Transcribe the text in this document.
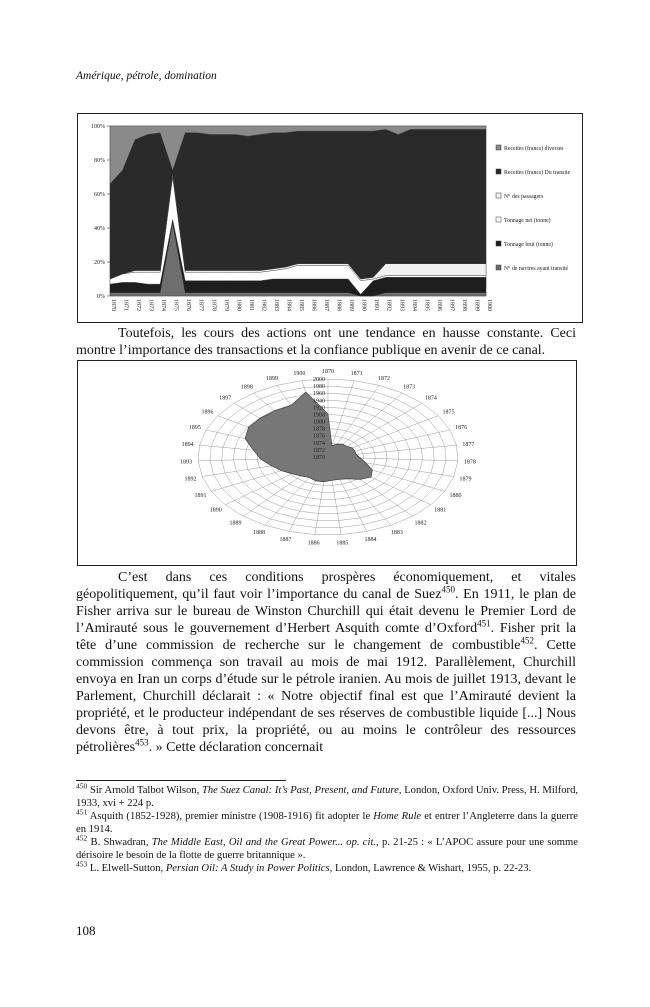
Amérique, pétrole, domination
0%
20%
40%
60%
80%
100%
1870 1871 1872 1873 1874 1875 1876 1877 1878 1879 1880 1881 1882 1883 1884 1885 1886 1887 1888 1889 1890 1891 1892 1893 1894 1895 1896 1897 1898 1899 1900
Recettes (francs) diverses
Recettes (francs) Du transite
N° des passagers
Tonnage net (tonne)
Tonnage brut (tonne)
N° de navires ayant transité

Toutefois, les cours des actions ont une tendance en hausse constante. Ceci montre l’importance des transactions et la confiance publique en avenir de ce canal.

1870	1871
1872
1873
1874
1875
1876
1877
1878
1879
1880
1881
1882
1883
1884
1885
1886
1887
1888
1889
1890
1891
1892
1893
1894
1895
1896
1897
1898
1899
1900
1870
1872
1874
1876
1878
1880
1900
1920
1940
1960
1980
2000

C’est dans ces conditions prospères économiquement, et vitales géopolitiquement, qu’il faut voir l’importance du canal de Suez$^{450}$. En 1911, le plan de Fisher arriva sur le bureau de Winston Churchill qui était devenu le Premier Lord de l’Amirauté sous le gouvernement d’Herbert Asquith comte d’Oxford$^{451}$. Fisher prit la tête d’une commission de recherche sur le changement de combustible$^{452}$. Cette commission commença son travail au mois de mai 1912. Parallèlement, Churchill envoya en Iran un corps d’étude sur le pétrole iranien. Au mois de juillet 1913, devant le Parlement, Churchill déclarait : « Notre objectif final est que l’Amirauté devient la propriété, et le producteur indépendant de ses réserves de combustible liquide [...] Nous devons être, à tout prix, la propriété, ou au moins le contrôleur des ressources pétrolières$^{453}$. » Cette déclaration concernait

$^{450}$ Sir Arnold Talbot Wilson, The Suez Canal: It’s Past, Present, and Future, London, Oxford Univ. Press, H. Milford, 1933, xvi + 224 p.

$^{451}$ Asquith (1852-1928), premier ministre (1908-1916) fit adopter le Home Rule et entrer l’Angleterre dans la guerre en 1914.

$^{452}$ B. Shwadran, The Middle East, Oil and the Great Power... op. cit., p. 21-25 : « L’APOC assure pour une somme dérisoire le besoin de la flotte de guerre britannique ».

$^{453}$ L. Elwell-Sutton, Persian Oil: A Study in Power Politics, London, Lawrence & Wishart, 1955, p. 22-23.

108
